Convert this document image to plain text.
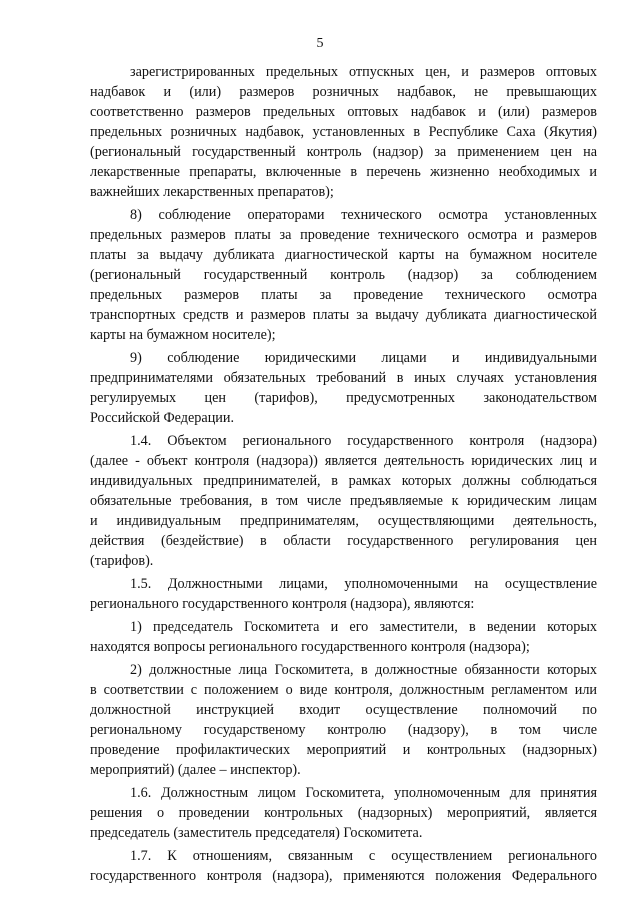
5
зарегистрированных предельных отпускных цен, и размеров оптовых
надбавок и (или) размеров розничных надбавок, не превышающих
соответственно размеров предельных оптовых надбавок и (или) размеров
предельных розничных надбавок, установленных в Республике Саха (Якутия)
(региональный государственный контроль (надзор) за применением цен на
лекарственные препараты, включенные в перечень жизненно необходимых и
важнейших лекарственных препаратов);
8) соблюдение операторами технического осмотра установленных
предельных размеров платы за проведение технического осмотра и размеров
платы за выдачу дубликата диагностической карты на бумажном носителе
(региональный государственный контроль (надзор) за соблюдением
предельных размеров платы за проведение технического осмотра
транспортных средств и размеров платы за выдачу дубликата диагностической
карты на бумажном носителе);
9) соблюдение юридическими лицами и индивидуальными
предпринимателями обязательных требований в иных случаях установления
регулируемых цен (тарифов), предусмотренных законодательством
Российской Федерации.
1.4. Объектом регионального государственного контроля (надзора)
(далее - объект контроля (надзора)) является деятельность юридических лиц и
индивидуальных предпринимателей, в рамках которых должны соблюдаться
обязательные требования, в том числе предъявляемые к юридическим лицам
и индивидуальным предпринимателям, осуществляющими деятельность,
действия (бездействие) в области государственного регулирования цен
(тарифов).
1.5. Должностными лицами, уполномоченными на осуществление
регионального государственного контроля (надзора), являются:
1) председатель Госкомитета и его заместители, в ведении которых
находятся вопросы регионального государственного контроля (надзора);
2) должностные лица Госкомитета, в должностные обязанности которых
в соответствии с положением о виде контроля, должностным регламентом или
должностной инструкцией входит осуществление полномочий по
региональному государственому контролю (надзору), в том числе
проведение профилактических мероприятий и контрольных (надзорных)
мероприятий) (далее – инспектор).
1.6. Должностным лицом Госкомитета, уполномоченным для принятия
решения о проведении контрольных (надзорных) мероприятий, является
председатель (заместитель председателя) Госкомитета.
1.7. К отношениям, связанным с осуществлением регионального
государственного контроля (надзора), применяются положения Федерального
